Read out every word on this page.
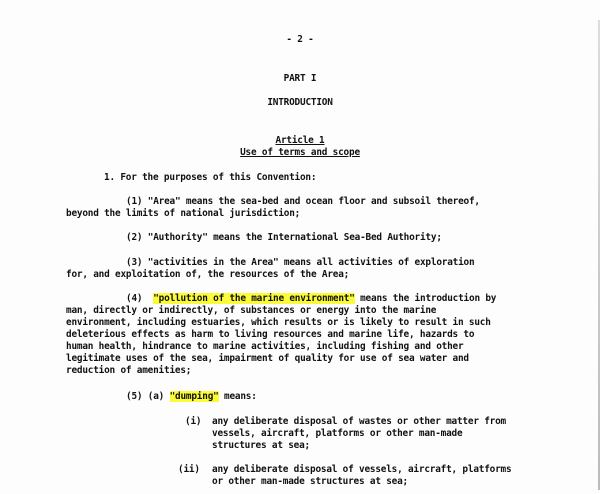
- 2 -
PART I
INTRODUCTION
Article 1
Use of terms and scope
1. For the purposes of this Convention:
(1) "Area" means the sea-bed and ocean floor and subsoil thereof,
beyond the limits of national jurisdiction;
(2) "Authority" means the International Sea-Bed Authority;
(3) "activities in the Area" means all activities of exploration
for, and exploitation of, the resources of the Area;
(4) "pollution of the marine environment" means the introduction by
man, directly or indirectly, of substances or energy into the marine
environment, including estuaries, which results or is likely to result in such
deleterious effects as harm to living resources and marine life, hazards to
human health, hindrance to marine activities, including fishing and other
legitimate uses of the sea, impairment of quality for use of sea water and
reduction of amenities;
(5) (a) "dumping" means:
(i) any deliberate disposal of wastes or other matter from
vessels, aircraft, platforms or other man-made
structures at sea;
(ii) any deliberate disposal of vessels, aircraft, platforms
or other man-made structures at sea;
